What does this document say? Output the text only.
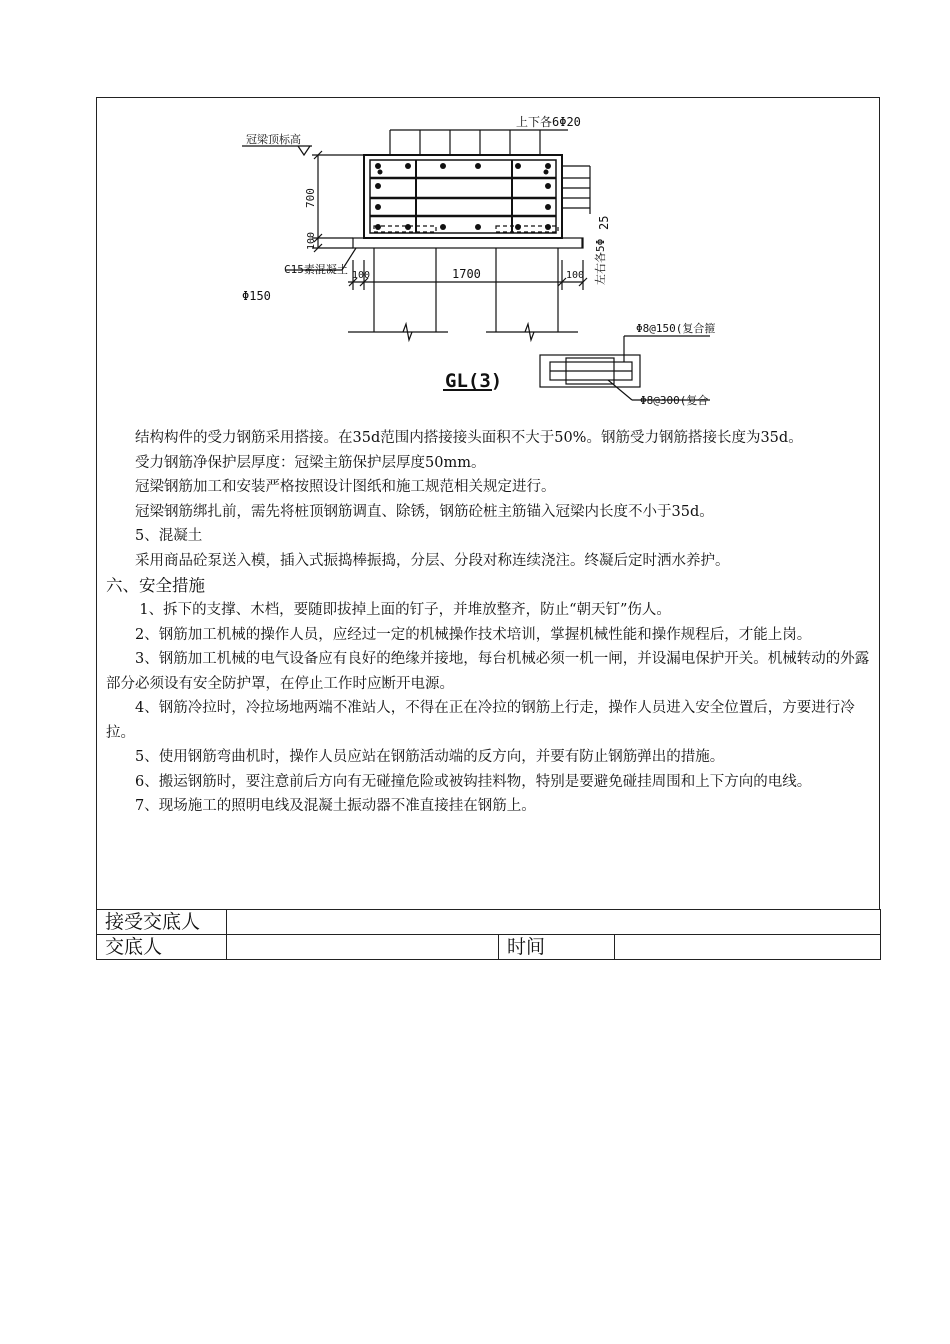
上下各6Φ20
冠梁顶标高
700
100
25
左右各5Φ
C15素混凝土 100	1700	100
Φ150
Φ8@150(复合箍
Φ8@300(复合
GL(3)

结构构件的受力钢筋采用搭接。在35d范围内搭接接头面积不大于50%。钢筋受力钢筋搭接长度为35d。

受力钢筋净保护层厚度：冠梁主筋保护层厚度50mm。

冠梁钢筋加工和安装严格按照设计图纸和施工规范相关规定进行。

冠梁钢筋绑扎前，需先将桩顶钢筋调直、除锈，钢筋砼桩主筋锚入冠梁内长度不小于35d。

5、混凝土

采用商品砼泵送入模，插入式振捣棒振捣，分层、分段对称连续浇注。终凝后定时洒水养护。

六、安全措施

1、拆下的支撑、木档，要随即拔掉上面的钉子，并堆放整齐，防止“朝天钉”伤人。

2、钢筋加工机械的操作人员，应经过一定的机械操作技术培训，掌握机械性能和操作规程后，才能上岗。

3、钢筋加工机械的电气设备应有良好的绝缘并接地，每台机械必须一机一闸，并设漏电保护开关。机械转动的外露部分必须设有安全防护罩，在停止工作时应断开电源。

4、钢筋冷拉时，冷拉场地两端不准站人，不得在正在冷拉的钢筋上行走，操作人员进入安全位置后，方要进行冷拉。

5、使用钢筋弯曲机时，操作人员应站在钢筋活动端的反方向，并要有防止钢筋弹出的措施。

6、搬运钢筋时，要注意前后方向有无碰撞危险或被钩挂料物，特别是要避免碰挂周围和上下方向的电线。

7、现场施工的照明电线及混凝土振动器不准直接挂在钢筋上。

接受交底人			
交底人		时间	
